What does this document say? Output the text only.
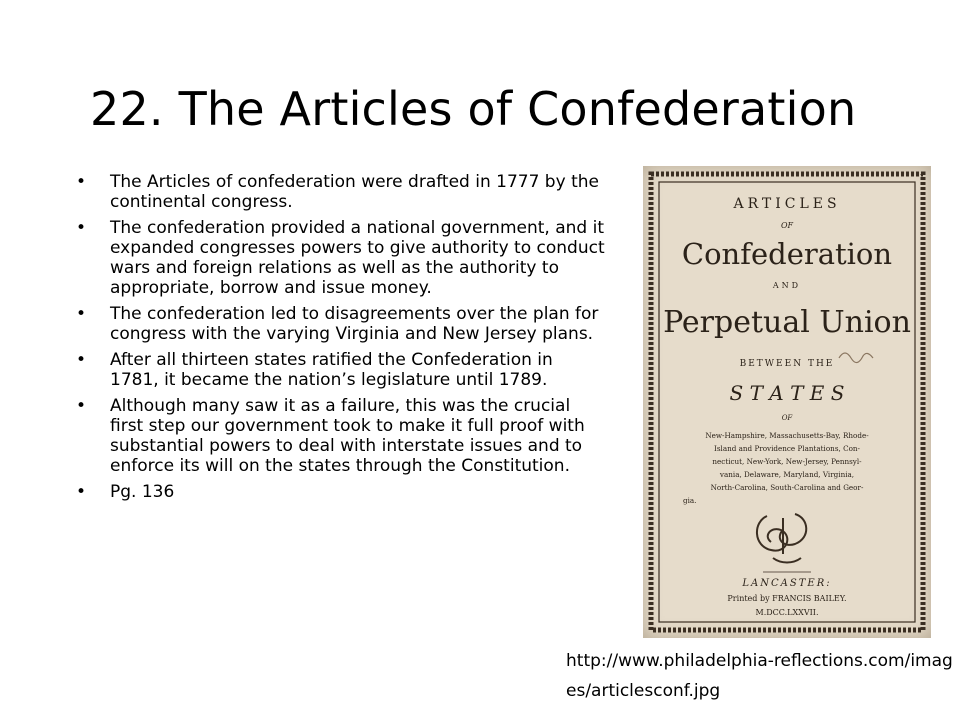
22. The Articles of Confederation
• The Articles of confederation were drafted in 1777 by the continental congress.
• The confederation provided a national government, and it expanded congresses powers to give authority to conduct wars and foreign relations as well as the authority to appropriate, borrow and issue money.
• The confederation led to disagreements over the plan for congress with the varying Virginia and New Jersey plans.
• After all thirteen states ratified the Confederation in 1781, it became the nation’s legislature until 1789.
• Although many saw it as a failure, this was the crucial first step our government took to make it full proof with substantial powers to deal with interstate issues and to enforce its will on the states through the Constitution.
• Pg. 136
ARTICLES
OF
Confederation
AND
Perpetual Union
BETWEEN THE
S T A T E S
OF
New-Hampshire, Massachusetts-Bay, Rhode-
Island and Providence Plantations, Con-
necticut, New-York, New-Jersey, Pennsyl-
vania, Delaware, Maryland, Virginia,
North-Carolina, South-Carolina and Geor-
gia.
LANCASTER:
Printed by FRANCIS BAILEY.
M.DCC.LXXVII.
http://www.philadelphia-reflections.com/images/articlesconf.jpg
